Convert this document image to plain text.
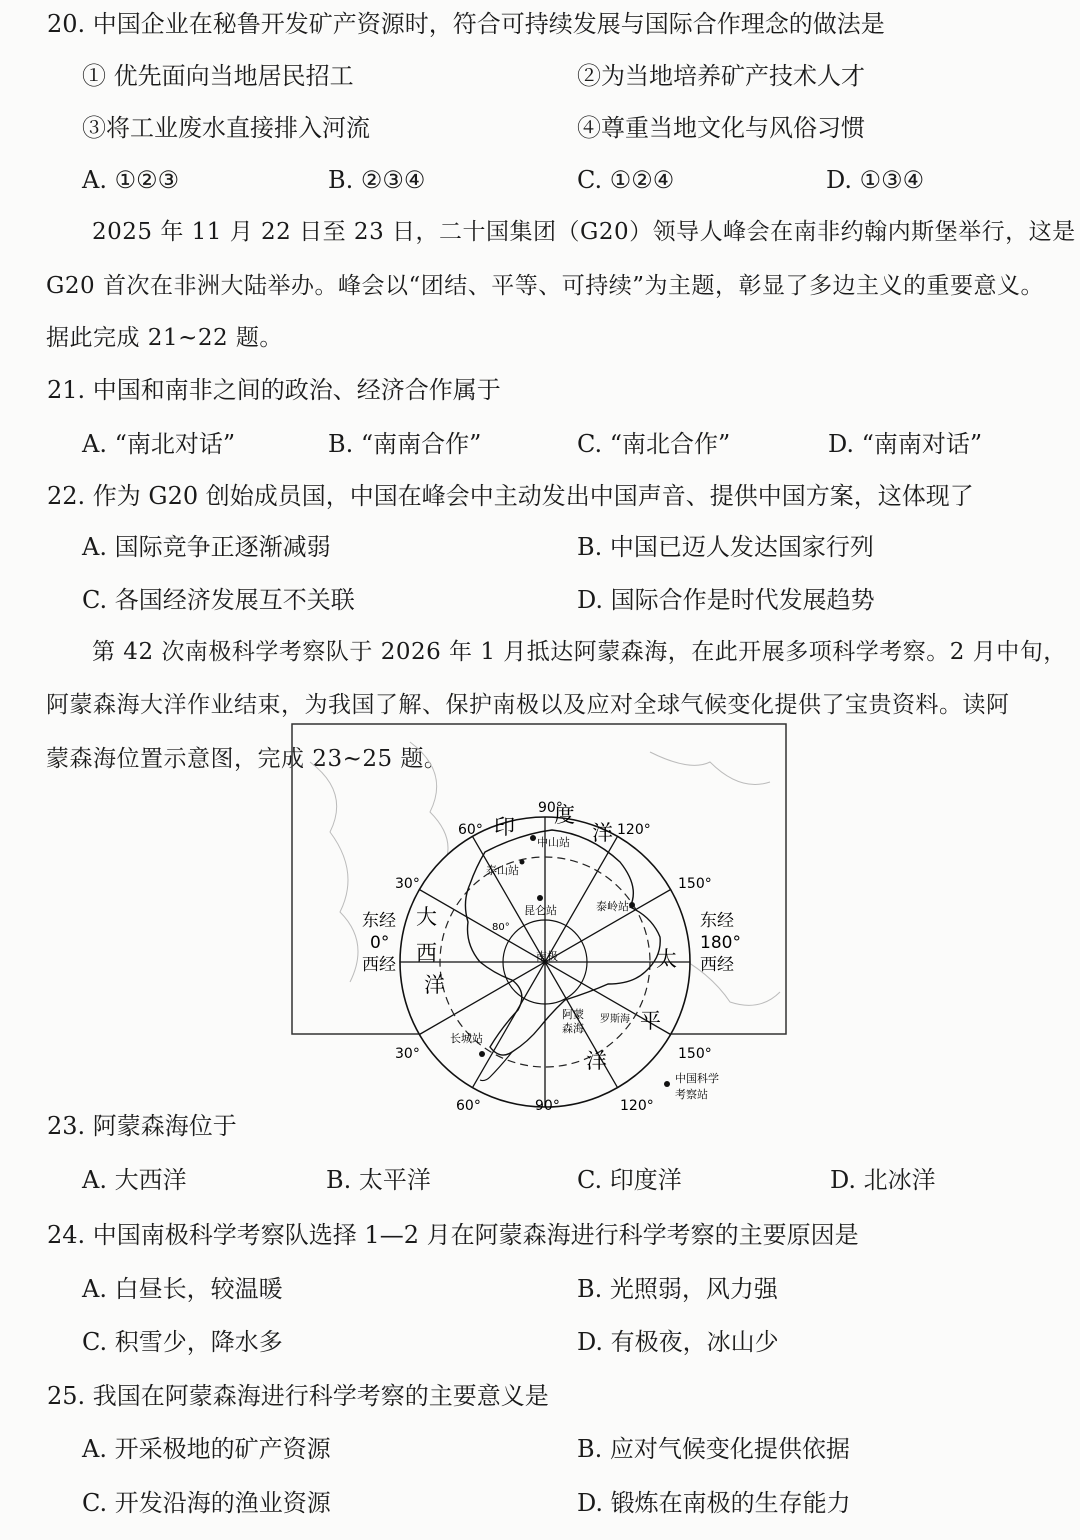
20. 中国企业在秘鲁开发矿产资源时，符合可持续发展与国际合作理念的做法是
① 优先面向当地居民招工	②为当地培养矿产技术人才
③将工业废水直接排入河流	④尊重当地文化与风俗习惯
A. ①②③	B. ②③④	C. ①②④	D. ①③④
2025 年 11 月 22 日至 23 日，二十国集团（G20）领导人峰会在南非约翰内斯堡举行，这是
G20 首次在非洲大陆举办。峰会以“团结、平等、可持续”为主题，彰显了多边主义的重要意义。
据此完成 21~22 题。
21. 中国和南非之间的政治、经济合作属于
A. “南北对话”	B. “南南合作”	C. “南北合作”	D. “南南对话”
22. 作为 G20 创始成员国，中国在峰会中主动发出中国声音、提供中国方案，这体现了
A. 国际竞争正逐渐减弱	B. 中国已迈人发达国家行列
C. 各国经济发展互不关联	D. 国际合作是时代发展趋势
第 42 次南极科学考察队于 2026 年 1 月抵达阿蒙森海，在此开展多项科学考察。2 月中旬，
阿蒙森海大洋作业结束，为我国了解、保护南极以及应对全球气候变化提供了宝贵资料。读阿
蒙森海位置示意图，完成 23~25 题。
90°
60°	120°
30°	150°
30°	150°
60°	120°
90°
80°
东经
0°
西经
东经
180°
西经
印 度
洋
大
西
洋
太
平
洋
中山站
泰山站
昆仑站	泰岭站
长城站
南极
阿蒙
森海
罗斯海
中国科学
考察站
23. 阿蒙森海位于
A. 大西洋	B. 太平洋	C. 印度洋	D. 北冰洋
24. 中国南极科学考察队选择 1—2 月在阿蒙森海进行科学考察的主要原因是
A. 白昼长，较温暖	B. 光照弱，风力强
C. 积雪少，降水多	D. 有极夜，冰山少
25. 我国在阿蒙森海进行科学考察的主要意义是
A. 开采极地的矿产资源	B. 应对气候变化提供依据
C. 开发沿海的渔业资源	D. 锻炼在南极的生存能力
